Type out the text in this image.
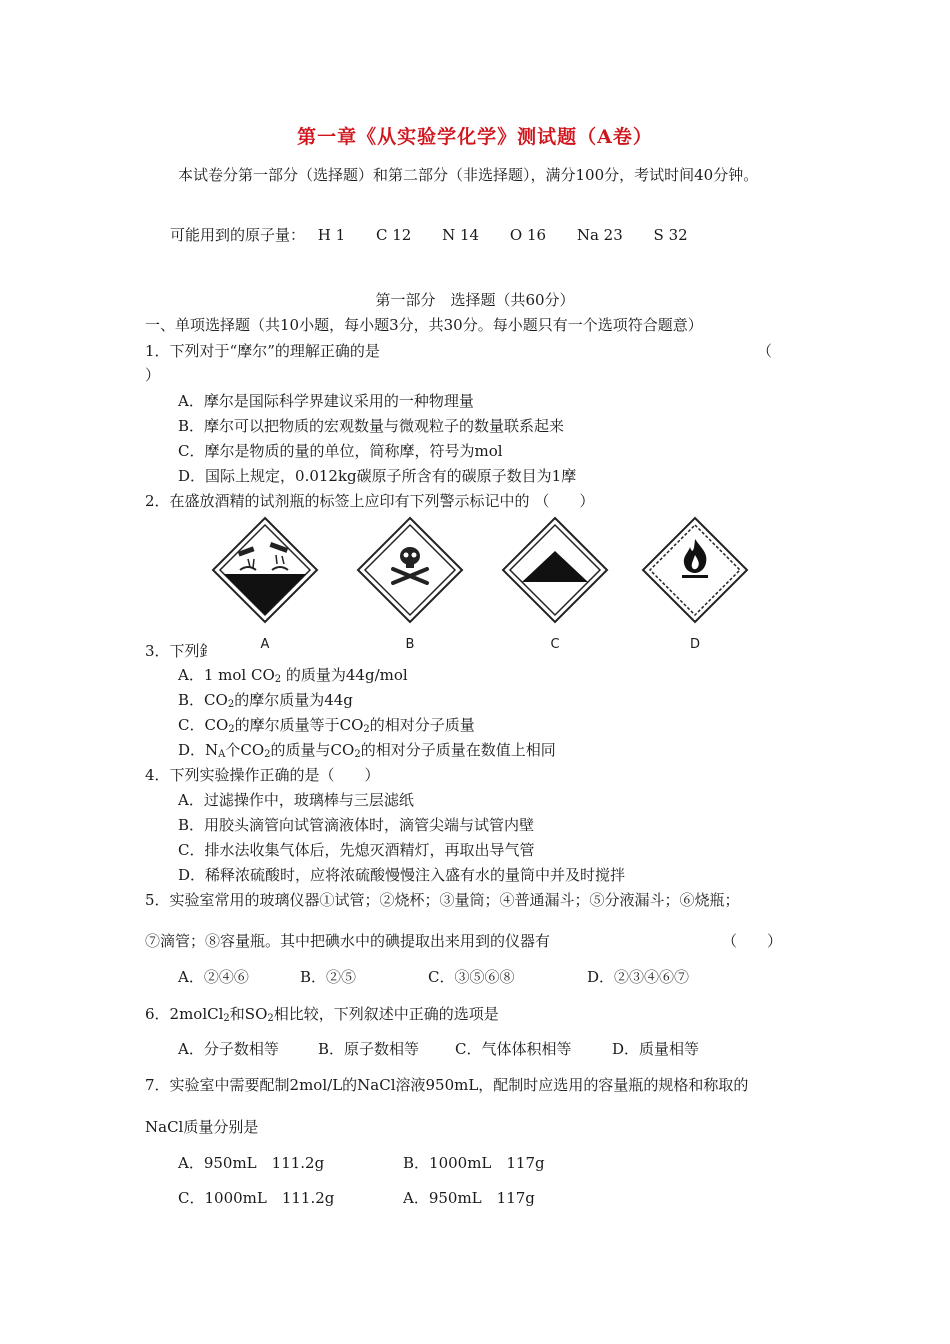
第一章《从实验学化学》测试题（A卷）
本试卷分第一部分（选择题）和第二部分（非选择题），满分100分，考试时间40分钟。
可能用到的原子量： H 1 C 12 N 14 O 16 Na 23 S 32
第一部分　选择题（共60分）
一、单项选择题（共10小题，每小题3分，共30分。每小题只有一个选项符合题意）
1．下列对于“摩尔”的理解正确的是	（
）
A．摩尔是国际科学界建议采用的一种物理量
B．摩尔可以把物质的宏观数量与微观粒子的数量联系起来
C．摩尔是物质的量的单位，简称摩，符号为mol
D．国际上规定，0.012kg碳原子所含有的碳原子数目为1摩
2．在盛放酒精的试剂瓶的标签上应印有下列警示标记中的 （　　）
A	B	C	D
3．下列釒
A．1 mol $CO_2$ 的质量为44g/mol
B．$CO_2$的摩尔质量为44g
C．$CO_2$的摩尔质量等于$CO_2$的相对分子质量
D．$N_A$个$CO_2$的质量与$CO_2$的相对分子质量在数值上相同
4．下列实验操作正确的是（　　）
A．过滤操作中，玻璃棒与三层滤纸
B．用胶头滴管向试管滴液体时，滴管尖端与试管内壁
C．排水法收集气体后，先熄灭酒精灯，再取出导气管
D．稀释浓硫酸时，应将浓硫酸慢慢注入盛有水的量筒中并及时搅拌
5．实验室常用的玻璃仪器①试管；②烧杯；③量筒；④普通漏斗；⑤分液漏斗；⑥烧瓶；
⑦滴管；⑧容量瓶。其中把碘水中的碘提取出来用到的仪器有	（　　）
A．②④⑥	B．②⑤	C．③⑤⑥⑧	D．②③④⑥⑦
6．2molCl$_2$和$SO_2$相比较，下列叙述中正确的选项是
A．分子数相等	B．原子数相等 C．气体体积相等	D．质量相等
7．实验室中需要配制2mol/L的NaCl溶液950mL，配制时应选用的容量瓶的规格和称取的
NaCl质量分别是
A．950mL　111.2g	B．1000mL　117g
C．1000mL　111.2g	A．950mL　117g
